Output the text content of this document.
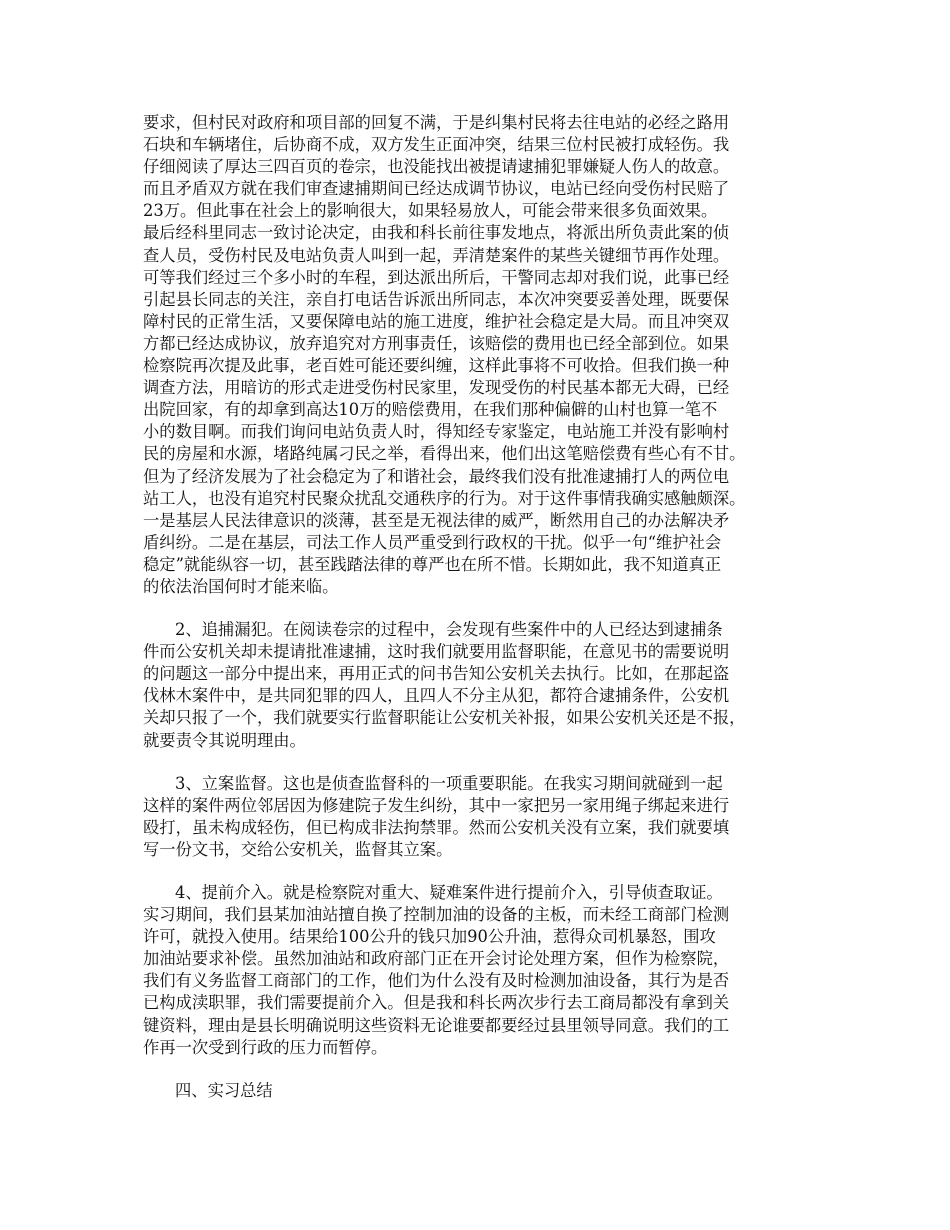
要求，但村民对政府和项目部的回复不满，于是纠集村民将去往电站的必经之路用
石块和车辆堵住，后协商不成，双方发生正面冲突，结果三位村民被打成轻伤。我
仔细阅读了厚达三四百页的卷宗，也没能找出被提请逮捕犯罪嫌疑人伤人的故意。
而且矛盾双方就在我们审查逮捕期间已经达成调节协议，电站已经向受伤村民赔了
23万。但此事在社会上的影响很大，如果轻易放人，可能会带来很多负面效果。
最后经科里同志一致讨论决定，由我和科长前往事发地点，将派出所负责此案的侦
查人员，受伤村民及电站负责人叫到一起，弄清楚案件的某些关键细节再作处理。
可等我们经过三个多小时的车程，到达派出所后，干警同志却对我们说，此事已经
引起县长同志的关注，亲自打电话告诉派出所同志，本次冲突要妥善处理，既要保
障村民的正常生活，又要保障电站的施工进度，维护社会稳定是大局。而且冲突双
方都已经达成协议，放弃追究对方刑事责任，该赔偿的费用也已经全部到位。如果
检察院再次提及此事，老百姓可能还要纠缠，这样此事将不可收拾。但我们换一种
调查方法，用暗访的形式走进受伤村民家里，发现受伤的村民基本都无大碍，已经
出院回家，有的却拿到高达10万的赔偿费用，在我们那种偏僻的山村也算一笔不
小的数目啊。而我们询问电站负责人时，得知经专家鉴定，电站施工并没有影响村
民的房屋和水源，堵路纯属刁民之举，看得出来，他们出这笔赔偿费有些心有不甘。
但为了经济发展为了社会稳定为了和谐社会，最终我们没有批准逮捕打人的两位电
站工人，也没有追究村民聚众扰乱交通秩序的行为。对于这件事情我确实感触颇深。
一是基层人民法律意识的淡薄，甚至是无视法律的威严，断然用自己的办法解决矛
盾纠纷。二是在基层，司法工作人员严重受到行政权的干扰。似乎一句“维护社会
稳定”就能纵容一切，甚至践踏法律的尊严也在所不惜。长期如此，我不知道真正
的依法治国何时才能来临。
2、追捕漏犯。在阅读卷宗的过程中，会发现有些案件中的人已经达到逮捕条
件而公安机关却未提请批准逮捕，这时我们就要用监督职能，在意见书的需要说明
的问题这一部分中提出来，再用正式的问书告知公安机关去执行。比如，在那起盗
伐林木案件中，是共同犯罪的四人，且四人不分主从犯，都符合逮捕条件，公安机
关却只报了一个，我们就要实行监督职能让公安机关补报，如果公安机关还是不报，
就要责令其说明理由。
3、立案监督。这也是侦查监督科的一项重要职能。在我实习期间就碰到一起
这样的案件两位邻居因为修建院子发生纠纷，其中一家把另一家用绳子绑起来进行
殴打，虽未构成轻伤，但已构成非法拘禁罪。然而公安机关没有立案，我们就要填
写一份文书，交给公安机关，监督其立案。
4、提前介入。就是检察院对重大、疑难案件进行提前介入，引导侦查取证。
实习期间，我们县某加油站擅自换了控制加油的设备的主板，而未经工商部门检测
许可，就投入使用。结果给100公升的钱只加90公升油，惹得众司机暴怒，围攻
加油站要求补偿。虽然加油站和政府部门正在开会讨论处理方案，但作为检察院，
我们有义务监督工商部门的工作，他们为什么没有及时检测加油设备，其行为是否
已构成渎职罪，我们需要提前介入。但是我和科长两次步行去工商局都没有拿到关
键资料，理由是县长明确说明这些资料无论谁要都要经过县里领导同意。我们的工
作再一次受到行政的压力而暂停。
四、实习总结
